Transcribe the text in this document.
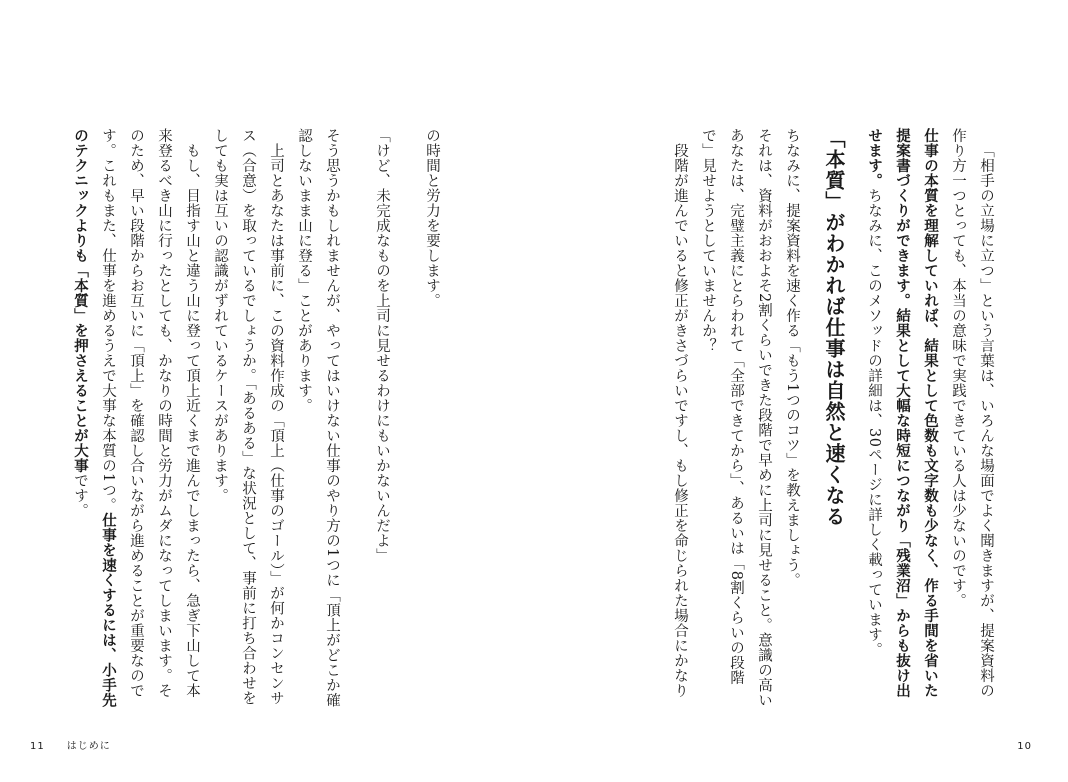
「相手の立場に立つ」という言葉は、いろんな場面でよく聞きますが、提案資料の作り方一つとっても、本当の意味で実践できている人は少ないのです。

仕事の本質を理解していれば、結果として色数も文字数も少なく、作る手間を省いた提案書づくりができます。結果として大幅な時短につながり「残業沼」からも抜け出せます。ちなみに、このメソッドの詳細は、30ページに詳しく載っています。

「本質」がわかれば仕事は自然と速くなる

ちなみに、提案資料を速く作る「もう1つのコツ」を教えましょう。

それは、資料がおおよそ2割くらいできた段階で早めに上司に見せること。意識の高いあなたは、完璧主義にとらわれて「全部できてから」、あるいは「8割くらいの段階で」見せようとしていませんか？

段階が進んでいると修正がきさづらいですし、もし修正を命じられた場合にかなり

の時間と労力を要します。

「けど、未完成なものを上司に見せるわけにもいかないんだよ」

そう思うかもしれませんが、やってはいけない仕事のやり方の1つに「頂上がどこか確認しないまま山に登る」ことがあります。

上司とあなたは事前に、この資料作成の「頂上（仕事のゴール）」が何かコンセンサス（合意）を取っているでしょうか。「あるある」な状況として、事前に打ち合わせをしても実は互いの認識がずれているケースがあります。

もし、目指す山と違う山に登って頂上近くまで進んでしまったら、急ぎ下山して本来登るべき山に行ったとしても、かなりの時間と労力がムダになってしまいます。そのため、早い段階からお互いに「頂上」を確認し合いながら進めることが重要なのです。これもまた、仕事を進めるうえで大事な本質の1つ。仕事を速くするには、小手先のテクニックよりも「本質」を押さえることが大事です。

11 はじめに	10
